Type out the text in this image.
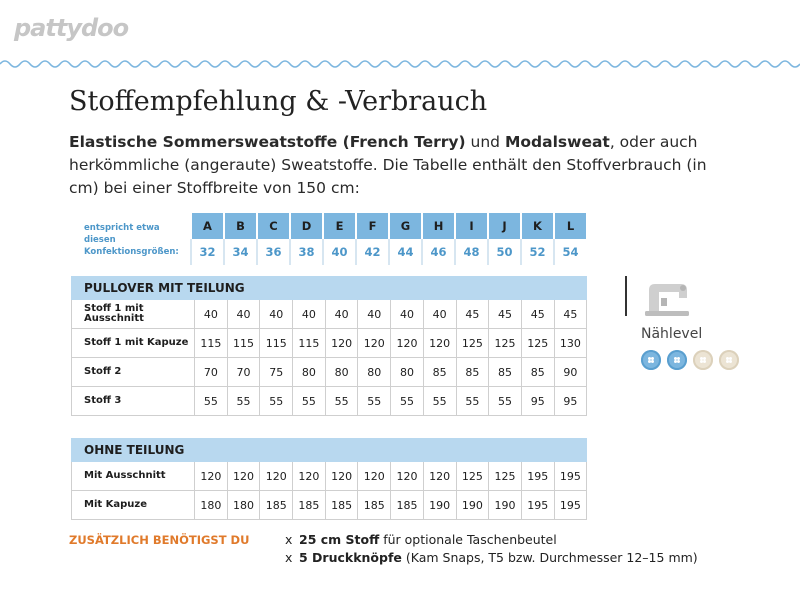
pattydoo
Stoffempfehlung & -Verbrauch
Elastische Sommersweatstoffe (French Terry) und Modalsweat, oder auch herkömmliche (angeraute) Sweatstoffe. Die Tabelle enthält den Stoffverbrauch (in cm) bei einer Stoffbreite von 150 cm:
entspricht etwa diesen Konfektionsgrößen:
A	B	C	D	E	F	G	H	I	J	K	L
32	34	36	38	40	42	44	46	48	50	52	54
PULLOVER MIT TEILUNG												
Stoff 1 mit Ausschnitt	40	40	40	40	40	40	40	40	45	45	45	45
Stoff 1 mit Kapuze	115	115	115	115	120	120	120	120	125	125	125	130
Stoff 2	70	70	75	80	80	80	80	85	85	85	85	90
Stoff 3	55	55	55	55	55	55	55	55	55	55	95	95

OHNE TEILUNG												
Mit Ausschnitt	120	120	120	120	120	120	120	120	125	125	195	195
Mit Kapuze	180	180	185	185	185	185	185	190	190	190	195	195
Nählevel
ZUSÄTZLICH BENÖTIGST DU	x 25 cm Stoff für optionale Taschenbeutel
x 5 Druckknöpfe (Kam Snaps, T5 bzw. Durchmesser 12–15 mm)
